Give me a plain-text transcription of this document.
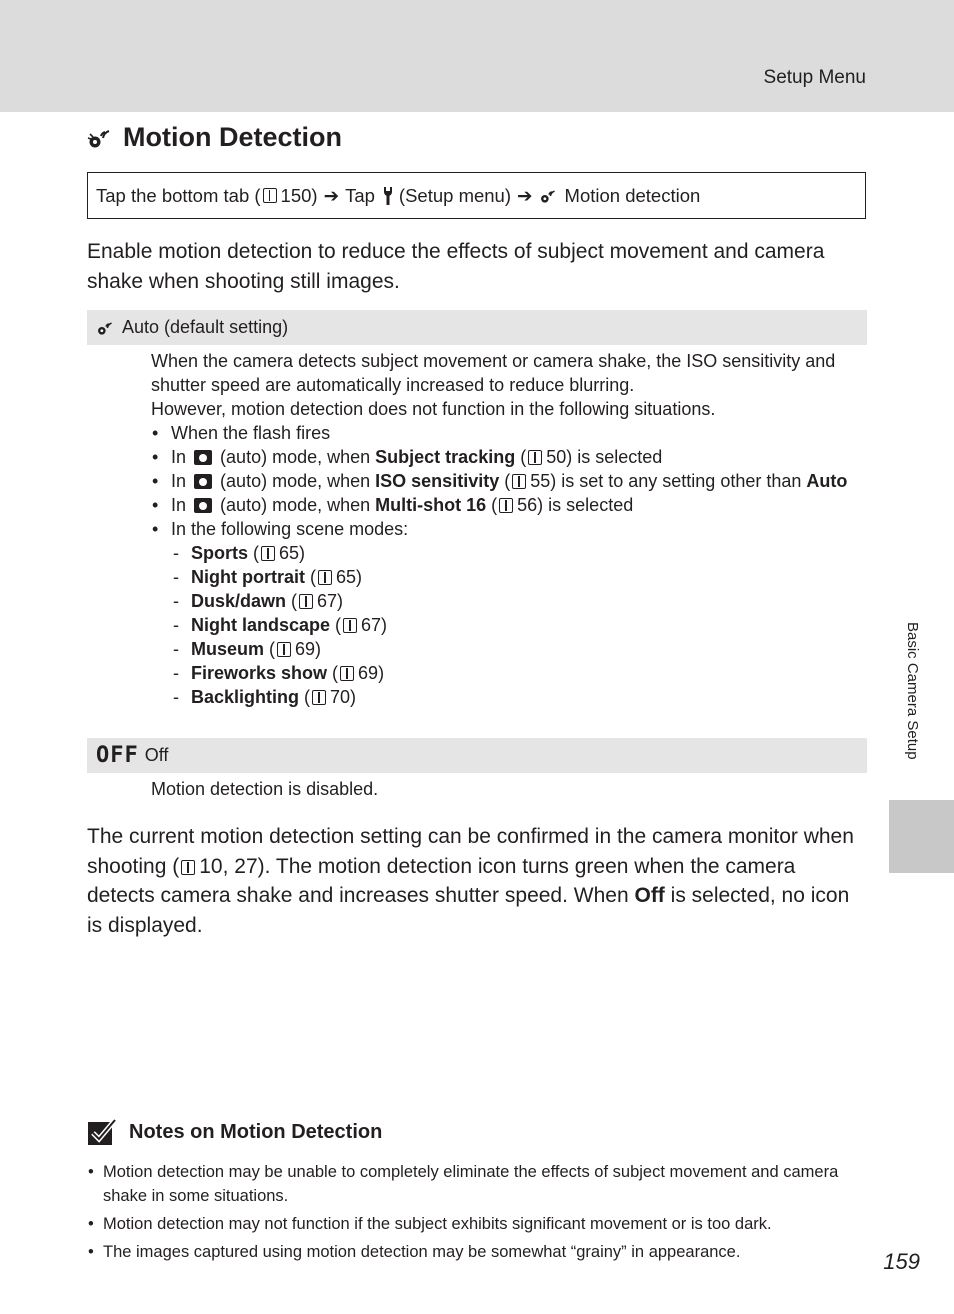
Setup Menu
Motion Detection
Tap the bottom tab ( 150) ➔ Tap (Setup menu) ➔ Motion detection

Enable motion detection to reduce the effects of subject movement and camera shake when shooting still images.

Auto (default setting)

When the camera detects subject movement or camera shake, the ISO sensitivity and shutter speed are automatically increased to reduce blurring.

However, motion detection does not function in the following situations.

• When the flash fires
• In (auto) mode, when Subject tracking ( 50) is selected
• In (auto) mode, when ISO sensitivity ( 55) is set to any setting other than Auto
• In (auto) mode, when Multi-shot 16 ( 56) is selected
• In the following scene modes:
- Sports ( 65)
- Night portrait ( 65)
- Dusk/dawn ( 67)
- Night landscape ( 67)
- Museum ( 69)
- Fireworks show ( 69)
- Backlighting ( 70)
OFF Off

Motion detection is disabled.

The current motion detection setting can be confirmed in the camera monitor when shooting ( 10, 27). The motion detection icon turns green when the camera detects camera shake and increases shutter speed. When Off is selected, no icon is displayed.

Basic Camera Setup
Notes on Motion Detection
• Motion detection may be unable to completely eliminate the effects of subject movement and camera shake in some situations.
• Motion detection may not function if the subject exhibits significant movement or is too dark.
• The images captured using motion detection may be somewhat “grainy” in appearance.	159
